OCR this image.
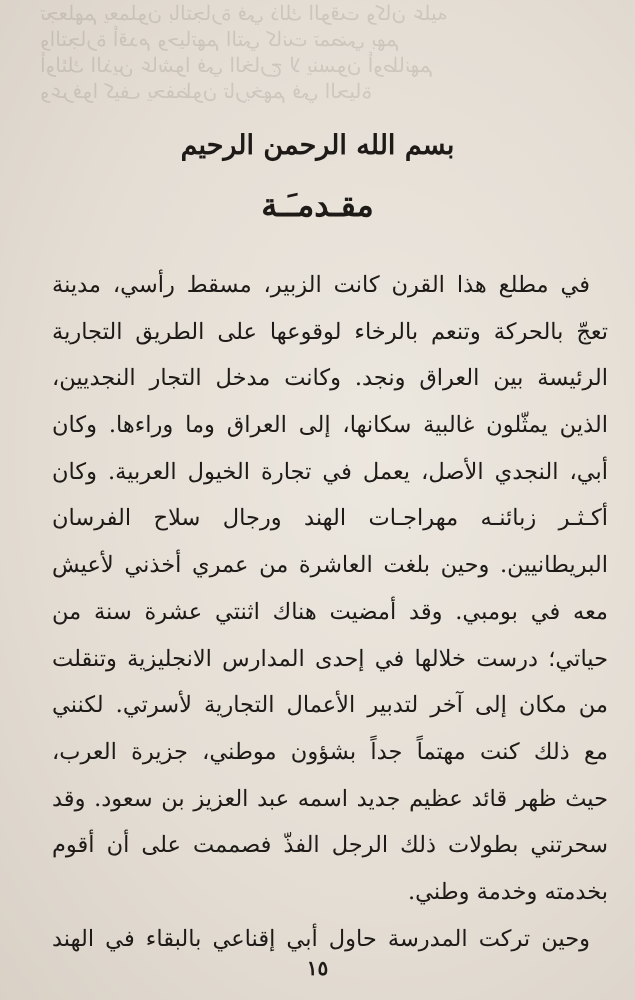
تجعلهم يعملون بالتجارة في ذلك الوقت وكان عليه
والتجارة أقدم وحياتهم التي كانت تمضي بهم
أولئك الذين عاشوا في الخارج لا ينسون أوطانهم
وعرفوا كيف يحفظون تاريخهم في الحياة
بسم الله الرحمن الرحيم
مقـدمـَـة
في مطلع هذا القرن كانت الزبير، مسقط رأسي، مدينة
تعجّ بالحركة وتنعم بالرخاء لوقوعها على الطريق التجارية
الرئيسة بين العراق ونجد. وكانت مدخل التجار النجديين،
الذين يمثّلون غالبية سكانها، إلى العراق وما وراءها. وكان
أبي، النجدي الأصل، يعمل في تجارة الخيول العربية. وكان
أكـثـر زبائنـه مهراجـات الهند ورجال سلاح الفرسان
البريطانيين. وحين بلغت العاشرة من عمري أخذني لأعيش
معه في بومبي. وقد أمضيت هناك اثنتي عشرة سنة من
حياتي؛ درست خلالها في إحدى المدارس الانجليزية وتنقلت
من مكان إلى آخر لتدبير الأعمال التجارية لأسرتي. لكنني
مع ذلك كنت مهتماً جداً بشؤون موطني، جزيرة العرب،
حيث ظهر قائد عظيم جديد اسمه عبد العزيز بن سعود. وقد
سحرتني بطولات ذلك الرجل الفذّ فصممت على أن أقوم
بخدمته وخدمة وطني.
وحين تركت المدرسة حاول أبي إقناعي بالبقاء في الهند
١٥
